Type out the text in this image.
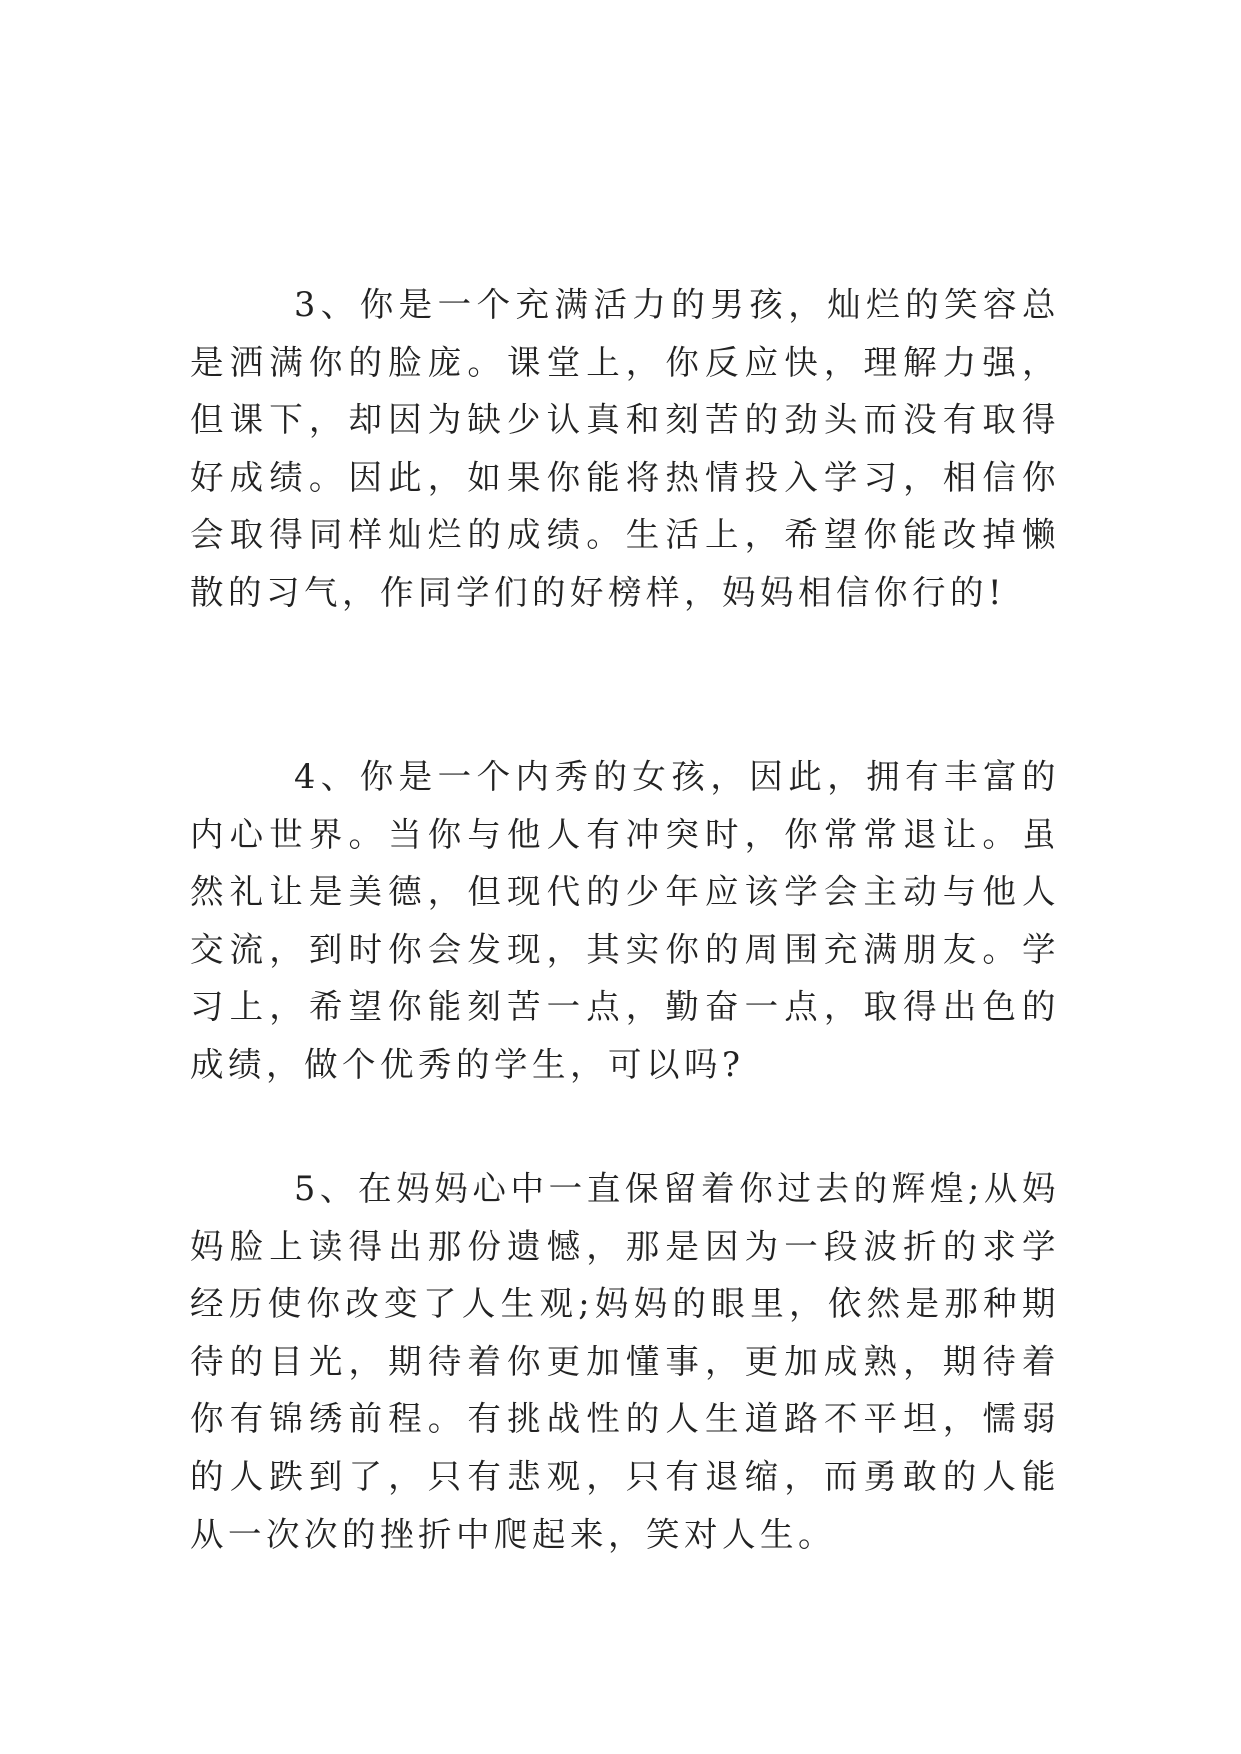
3、你是一个充满活力的男孩，灿烂的笑容总是洒满你的脸庞。课堂上，你反应快，理解力强，但课下，却因为缺少认真和刻苦的劲头而没有取得好成绩。因此，如果你能将热情投入学习，相信你会取得同样灿烂的成绩。生活上，希望你能改掉懒散的习气，作同学们的好榜样，妈妈相信你行的!

4、你是一个内秀的女孩，因此，拥有丰富的内心世界。当你与他人有冲突时，你常常退让。虽然礼让是美德，但现代的少年应该学会主动与他人交流，到时你会发现，其实你的周围充满朋友。学习上，希望你能刻苦一点，勤奋一点，取得出色的成绩，做个优秀的学生，可以吗?

5、在妈妈心中一直保留着你过去的辉煌;从妈妈脸上读得出那份遗憾，那是因为一段波折的求学经历使你改变了人生观;妈妈的眼里，依然是那种期待的目光，期待着你更加懂事，更加成熟，期待着你有锦绣前程。有挑战性的人生道路不平坦，懦弱的人跌到了，只有悲观，只有退缩，而勇敢的人能从一次次的挫折中爬起来，笑对人生。
